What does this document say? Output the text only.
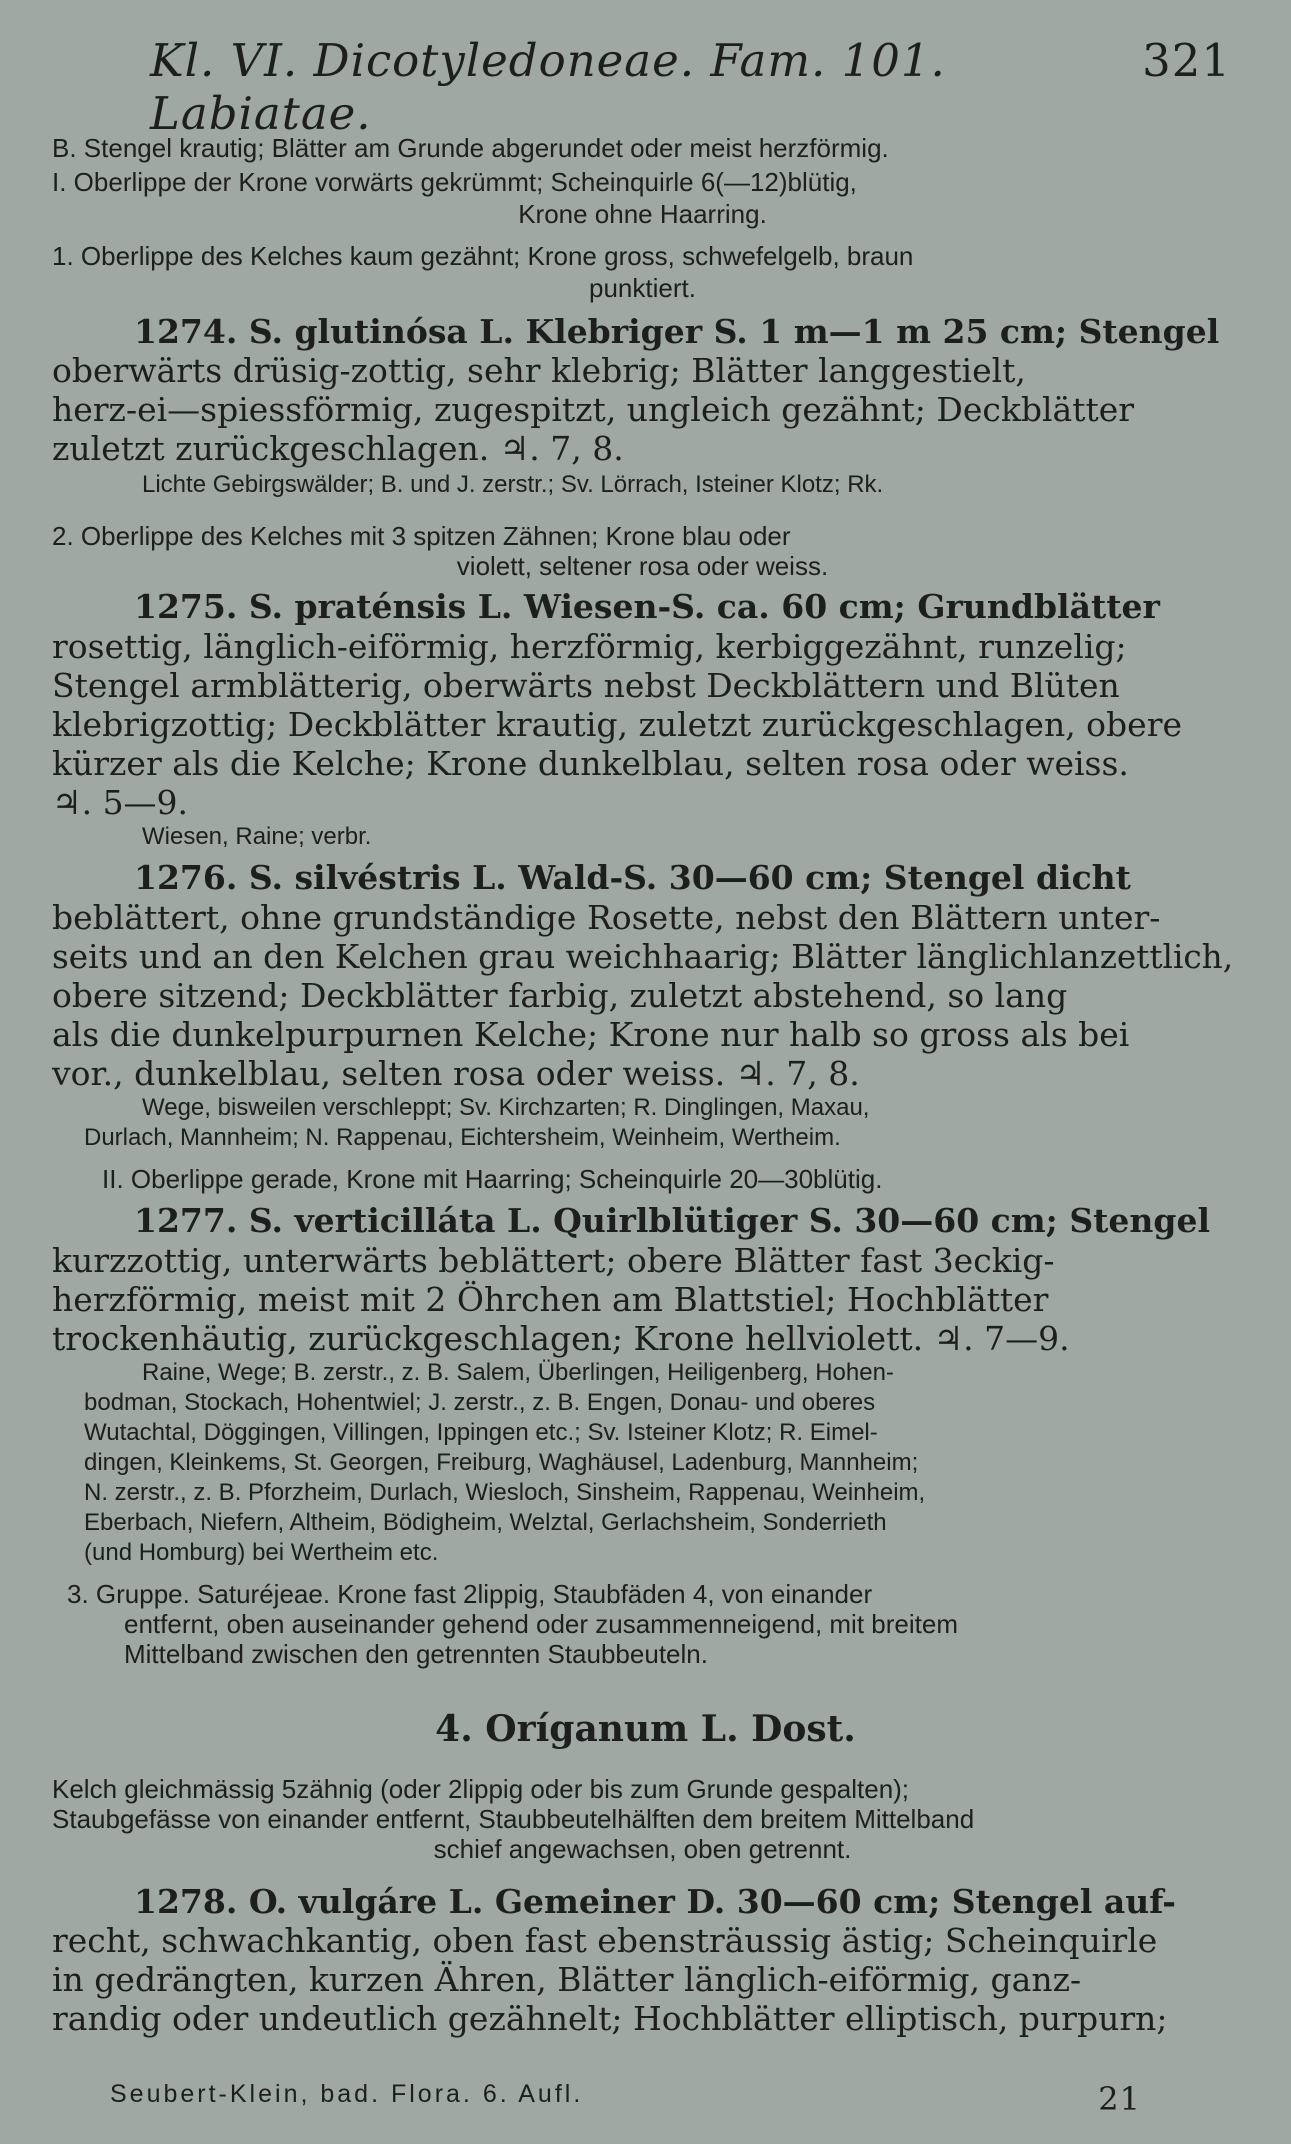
Kl. VI. Dicotyledoneae. Fam. 101. Labiatae.
321
B. Stengel krautig; Blätter am Grunde abgerundet oder meist herzförmig.
I. Oberlippe der Krone vorwärts gekrümmt; Scheinquirle 6(—12)blütig,
Krone ohne Haarring.
1. Oberlippe des Kelches kaum gezähnt; Krone gross, schwefelgelb, braun
punktiert.
1274. S. glutinósa L. Klebriger S. 1 m—1 m 25 cm; Stengel
oberwärts drüsig-zottig, sehr klebrig; Blätter langgestielt,
herz-ei—spiessförmig, zugespitzt, ungleich gezähnt; Deckblätter
zuletzt zurückgeschlagen. ♃. 7, 8.
Lichte Gebirgswälder; B. und J. zerstr.; Sv. Lörrach, Isteiner Klotz; Rk.
2. Oberlippe des Kelches mit 3 spitzen Zähnen; Krone blau oder
violett, seltener rosa oder weiss.
1275. S. praténsis L. Wiesen-S. ca. 60 cm; Grundblätter
rosettig, länglich-eiförmig, herzförmig, kerbiggezähnt, runzelig;
Stengel armblätterig, oberwärts nebst Deckblättern und Blüten
klebrigzottig; Deckblätter krautig, zuletzt zurückgeschlagen, obere
kürzer als die Kelche; Krone dunkelblau, selten rosa oder weiss.
♃. 5—9.
Wiesen, Raine; verbr.
1276. S. silvéstris L. Wald-S. 30—60 cm; Stengel dicht
beblättert, ohne grundständige Rosette, nebst den Blättern unter-
seits und an den Kelchen grau weichhaarig; Blätter länglichlanzettlich,
obere sitzend; Deckblätter farbig, zuletzt abstehend, so lang
als die dunkelpurpurnen Kelche; Krone nur halb so gross als bei
vor., dunkelblau, selten rosa oder weiss. ♃. 7, 8.
Wege, bisweilen verschleppt; Sv. Kirchzarten; R. Dinglingen, Maxau,
Durlach, Mannheim; N. Rappenau, Eichtersheim, Weinheim, Wertheim.
II. Oberlippe gerade, Krone mit Haarring; Scheinquirle 20—30blütig.
1277. S. verticilláta L. Quirlblütiger S. 30—60 cm; Stengel
kurzzottig, unterwärts beblättert; obere Blätter fast 3eckig-
herzförmig, meist mit 2 Öhrchen am Blattstiel; Hochblätter
trockenhäutig, zurückgeschlagen; Krone hellviolett. ♃. 7—9.
Raine, Wege; B. zerstr., z. B. Salem, Überlingen, Heiligenberg, Hohen-
bodman, Stockach, Hohentwiel; J. zerstr., z. B. Engen, Donau- und oberes
Wutachtal, Döggingen, Villingen, Ippingen etc.; Sv. Isteiner Klotz; R. Eimel-
dingen, Kleinkems, St. Georgen, Freiburg, Waghäusel, Ladenburg, Mannheim;
N. zerstr., z. B. Pforzheim, Durlach, Wiesloch, Sinsheim, Rappenau, Weinheim,
Eberbach, Niefern, Altheim, Bödigheim, Welztal, Gerlachsheim, Sonderrieth
(und Homburg) bei Wertheim etc.
3. Gruppe. Saturéjeae. Krone fast 2lippig, Staubfäden 4, von einander
entfernt, oben auseinander gehend oder zusammenneigend, mit breitem
Mittelband zwischen den getrennten Staubbeuteln.
4. Oríganum L. Dost.
Kelch gleichmässig 5zähnig (oder 2lippig oder bis zum Grunde gespalten);
Staubgefässe von einander entfernt, Staubbeutelhälften dem breitem Mittelband
schief angewachsen, oben getrennt.
1278. O. vulgáre L. Gemeiner D. 30—60 cm; Stengel auf-
recht, schwachkantig, oben fast ebensträussig ästig; Scheinquirle
in gedrängten, kurzen Ähren, Blätter länglich-eiförmig, ganz-
randig oder undeutlich gezähnelt; Hochblätter elliptisch, purpurn;
Seubert-Klein, bad. Flora. 6. Aufl.	21
